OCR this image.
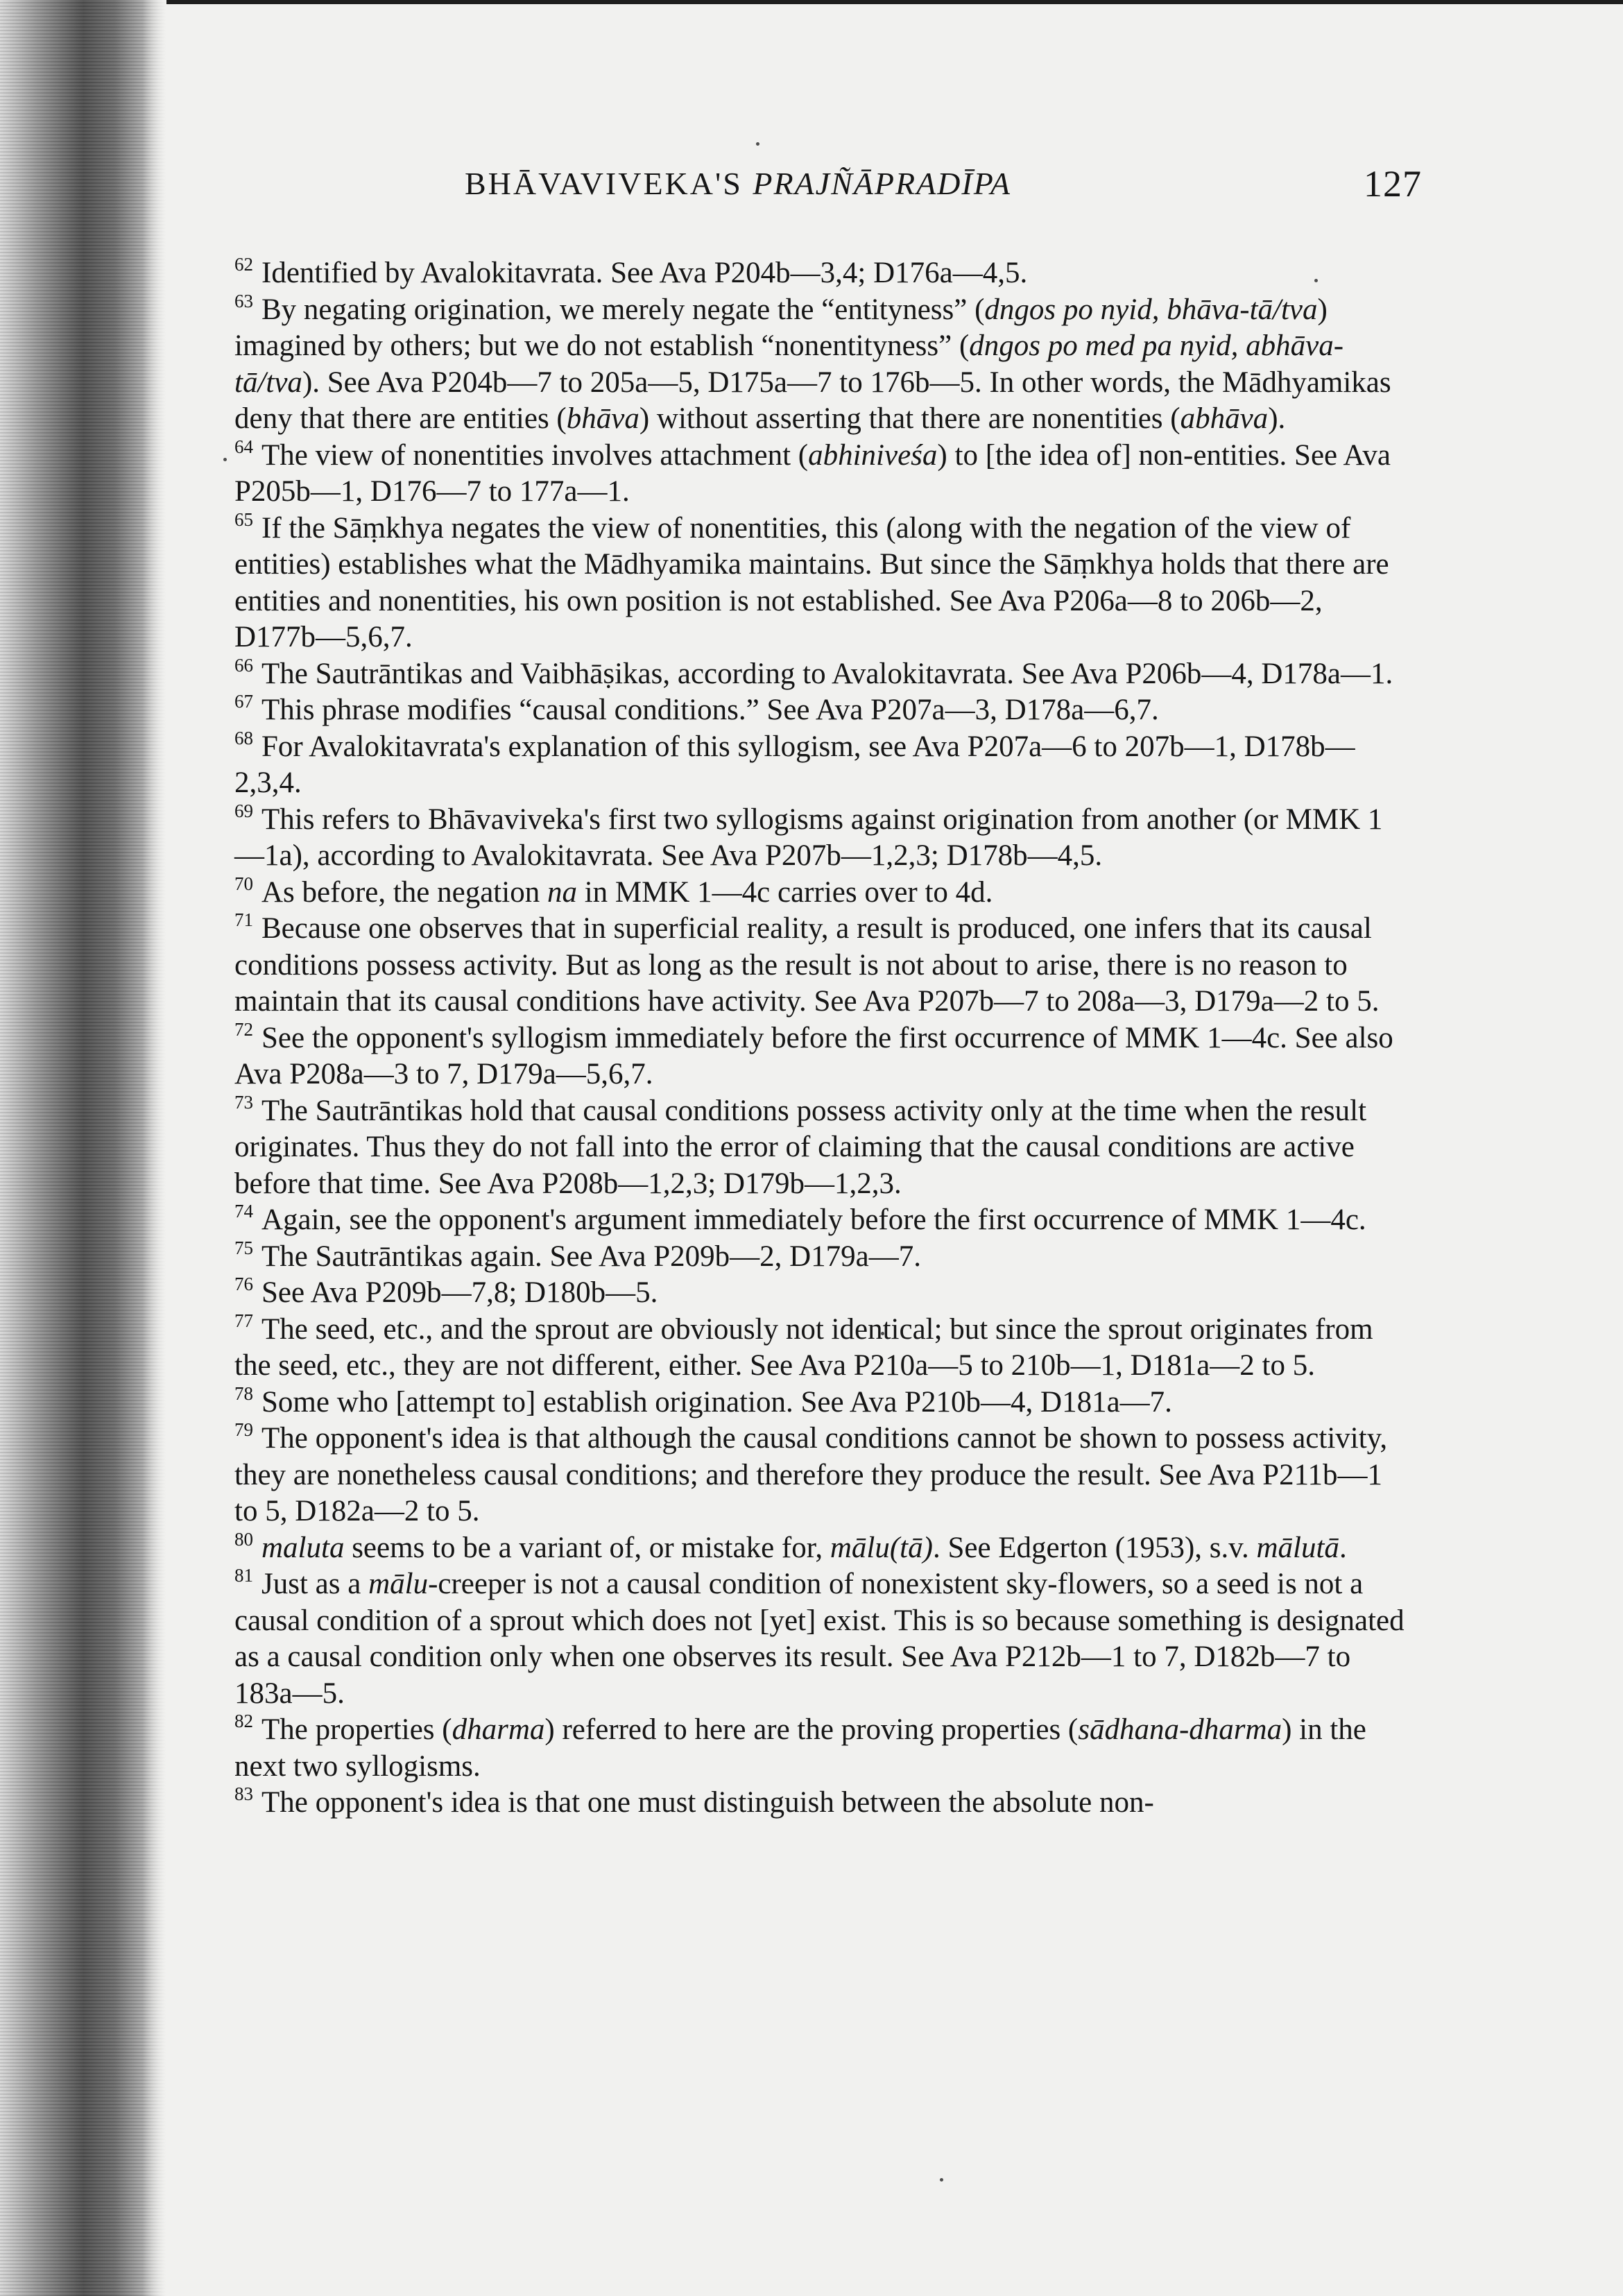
BHĀVAVIVEKA'S PRAJÑĀPRADĪPA	127

$^{62}$ Identified by Avalokitavrata. See Ava P204b—3,4; D176a—4,5.

$^{63}$ By negating origination, we merely negate the “entityness” (dngos po nyid, bhāva-tā/tva) imagined by others; but we do not establish “nonentityness” (dngos po med pa nyid, abhāva-tā/tva). See Ava P204b—7 to 205a—5, D175a—7 to 176b—5. In other words, the Mādhyamikas deny that there are entities (bhāva) without asserting that there are nonentities (abhāva).

$^{64}$ The view of nonentities involves attachment (abhiniveśa) to [the idea of] non-entities. See Ava P205b—1, D176—7 to 177a—1.

$^{65}$ If the Sāṃkhya negates the view of nonentities, this (along with the negation of the view of entities) establishes what the Mādhyamika maintains. But since the Sāṃkhya holds that there are entities and nonentities, his own position is not established. See Ava P206a—8 to 206b—2, D177b—5,6,7.

$^{66}$ The Sautrāntikas and Vaibhāṣikas, according to Avalokitavrata. See Ava P206b—4, D178a—1.

$^{67}$ This phrase modifies “causal conditions.” See Ava P207a—3, D178a—6,7.

$^{68}$ For Avalokitavrata's explanation of this syllogism, see Ava P207a—6 to 207b—1, D178b—2,3,4.

$^{69}$ This refers to Bhāvaviveka's first two syllogisms against origination from another (or MMK 1—1a), according to Avalokitavrata. See Ava P207b—1,2,3; D178b—4,5.

$^{70}$ As before, the negation na in MMK 1—4c carries over to 4d.

$^{71}$ Because one observes that in superficial reality, a result is produced, one infers that its causal conditions possess activity. But as long as the result is not about to arise, there is no reason to maintain that its causal conditions have activity. See Ava P207b—7 to 208a—3, D179a—2 to 5.

$^{72}$ See the opponent's syllogism immediately before the first occurrence of MMK 1—4c. See also Ava P208a—3 to 7, D179a—5,6,7.

$^{73}$ The Sautrāntikas hold that causal conditions possess activity only at the time when the result originates. Thus they do not fall into the error of claiming that the causal conditions are active before that time. See Ava P208b—1,2,3; D179b—1,2,3.

$^{74}$ Again, see the opponent's argument immediately before the first occurrence of MMK 1—4c.

$^{75}$ The Sautrāntikas again. See Ava P209b—2, D179a—7.

$^{76}$ See Ava P209b—7,8; D180b—5.

$^{77}$ The seed, etc., and the sprout are obviously not identical; but since the sprout originates from the seed, etc., they are not different, either. See Ava P210a—5 to 210b—1, D181a—2 to 5.

$^{78}$ Some who [attempt to] establish origination. See Ava P210b—4, D181a—7.

$^{79}$ The opponent's idea is that although the causal conditions cannot be shown to possess activity, they are nonetheless causal conditions; and therefore they produce the result. See Ava P211b—1 to 5, D182a—2 to 5.

$^{80}$ maluta seems to be a variant of, or mistake for, mālu(tā). See Edgerton (1953), s.v. mālutā.

$^{81}$ Just as a mālu-creeper is not a causal condition of nonexistent sky-flowers, so a seed is not a causal condition of a sprout which does not [yet] exist. This is so because something is designated as a causal condition only when one observes its result. See Ava P212b—1 to 7, D182b—7 to 183a—5.

$^{82}$ The properties (dharma) referred to here are the proving properties (sādhana-dharma) in the next two syllogisms.

$^{83}$ The opponent's idea is that one must distinguish between the absolute non-
